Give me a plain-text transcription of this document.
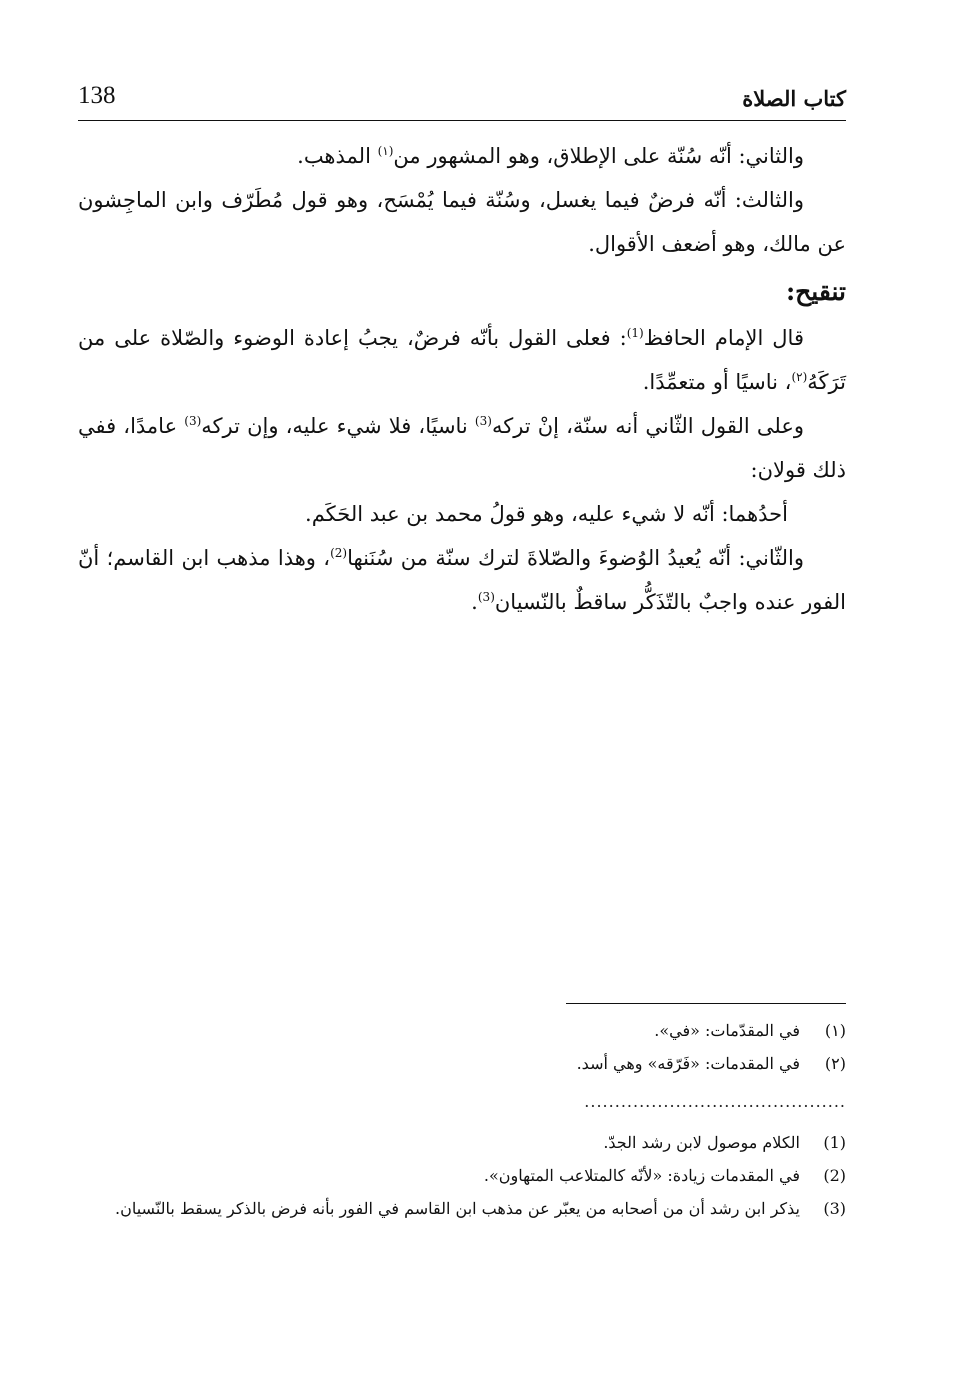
كتاب الصلاة
138

والثاني: أنّه سُنّة على الإطلاق، وهو المشهور من$^{(١)}$ المذهب.

والثالث: أنّه فرضٌ فيما يغسل، وسُنّة فيما يُمْسَح، وهو قول مُطَرّف وابن الماجِشون عن مالك، وهو أضعف الأقوال.

تنقيح:

قال الإمام الحافظ$^{(1)}$: فعلى القول بأنّه فرضٌ، يجبُ إعادة الوضوء والصّلاة على من تَرَكَهُ$^{(٢)}$، ناسيًا أو متعمِّدًا.

وعلى القول الثّاني أنه سنّة، إنْ تركه$^{(3)}$ ناسيًا، فلا شيء عليه، وإن تركه$^{(3)}$ عامدًا، ففي ذلك قولان:

أحدُهما: أنّه لا شيء عليه، وهو قولُ محمد بن عبد الحَكَم.

والثّاني: أنّه يُعيدُ الوُضوءَ والصّلاةَ لترك سنّة من سُنَنها$^{(2)}$، وهذا مذهب ابن القاسم؛ أنّ الفور عنده واجبٌ بالتّذَكُّر ساقطٌ بالنّسيان$^{(3)}$.

(١)
في المقدّمات: «في».
(٢)
في المقدمات: «فَرّقه» وهي أسد.
...........................................
(1)
الكلام موصول لابن رشد الجدّ.
(2)
في المقدمات زيادة: «لأنّه كالمتلاعب المتهاون».
(3)
يذكر ابن رشد أن من أصحابه من يعبّر عن مذهب ابن القاسم في الفور بأنه فرض بالذكر يسقط بالنّسيان.
